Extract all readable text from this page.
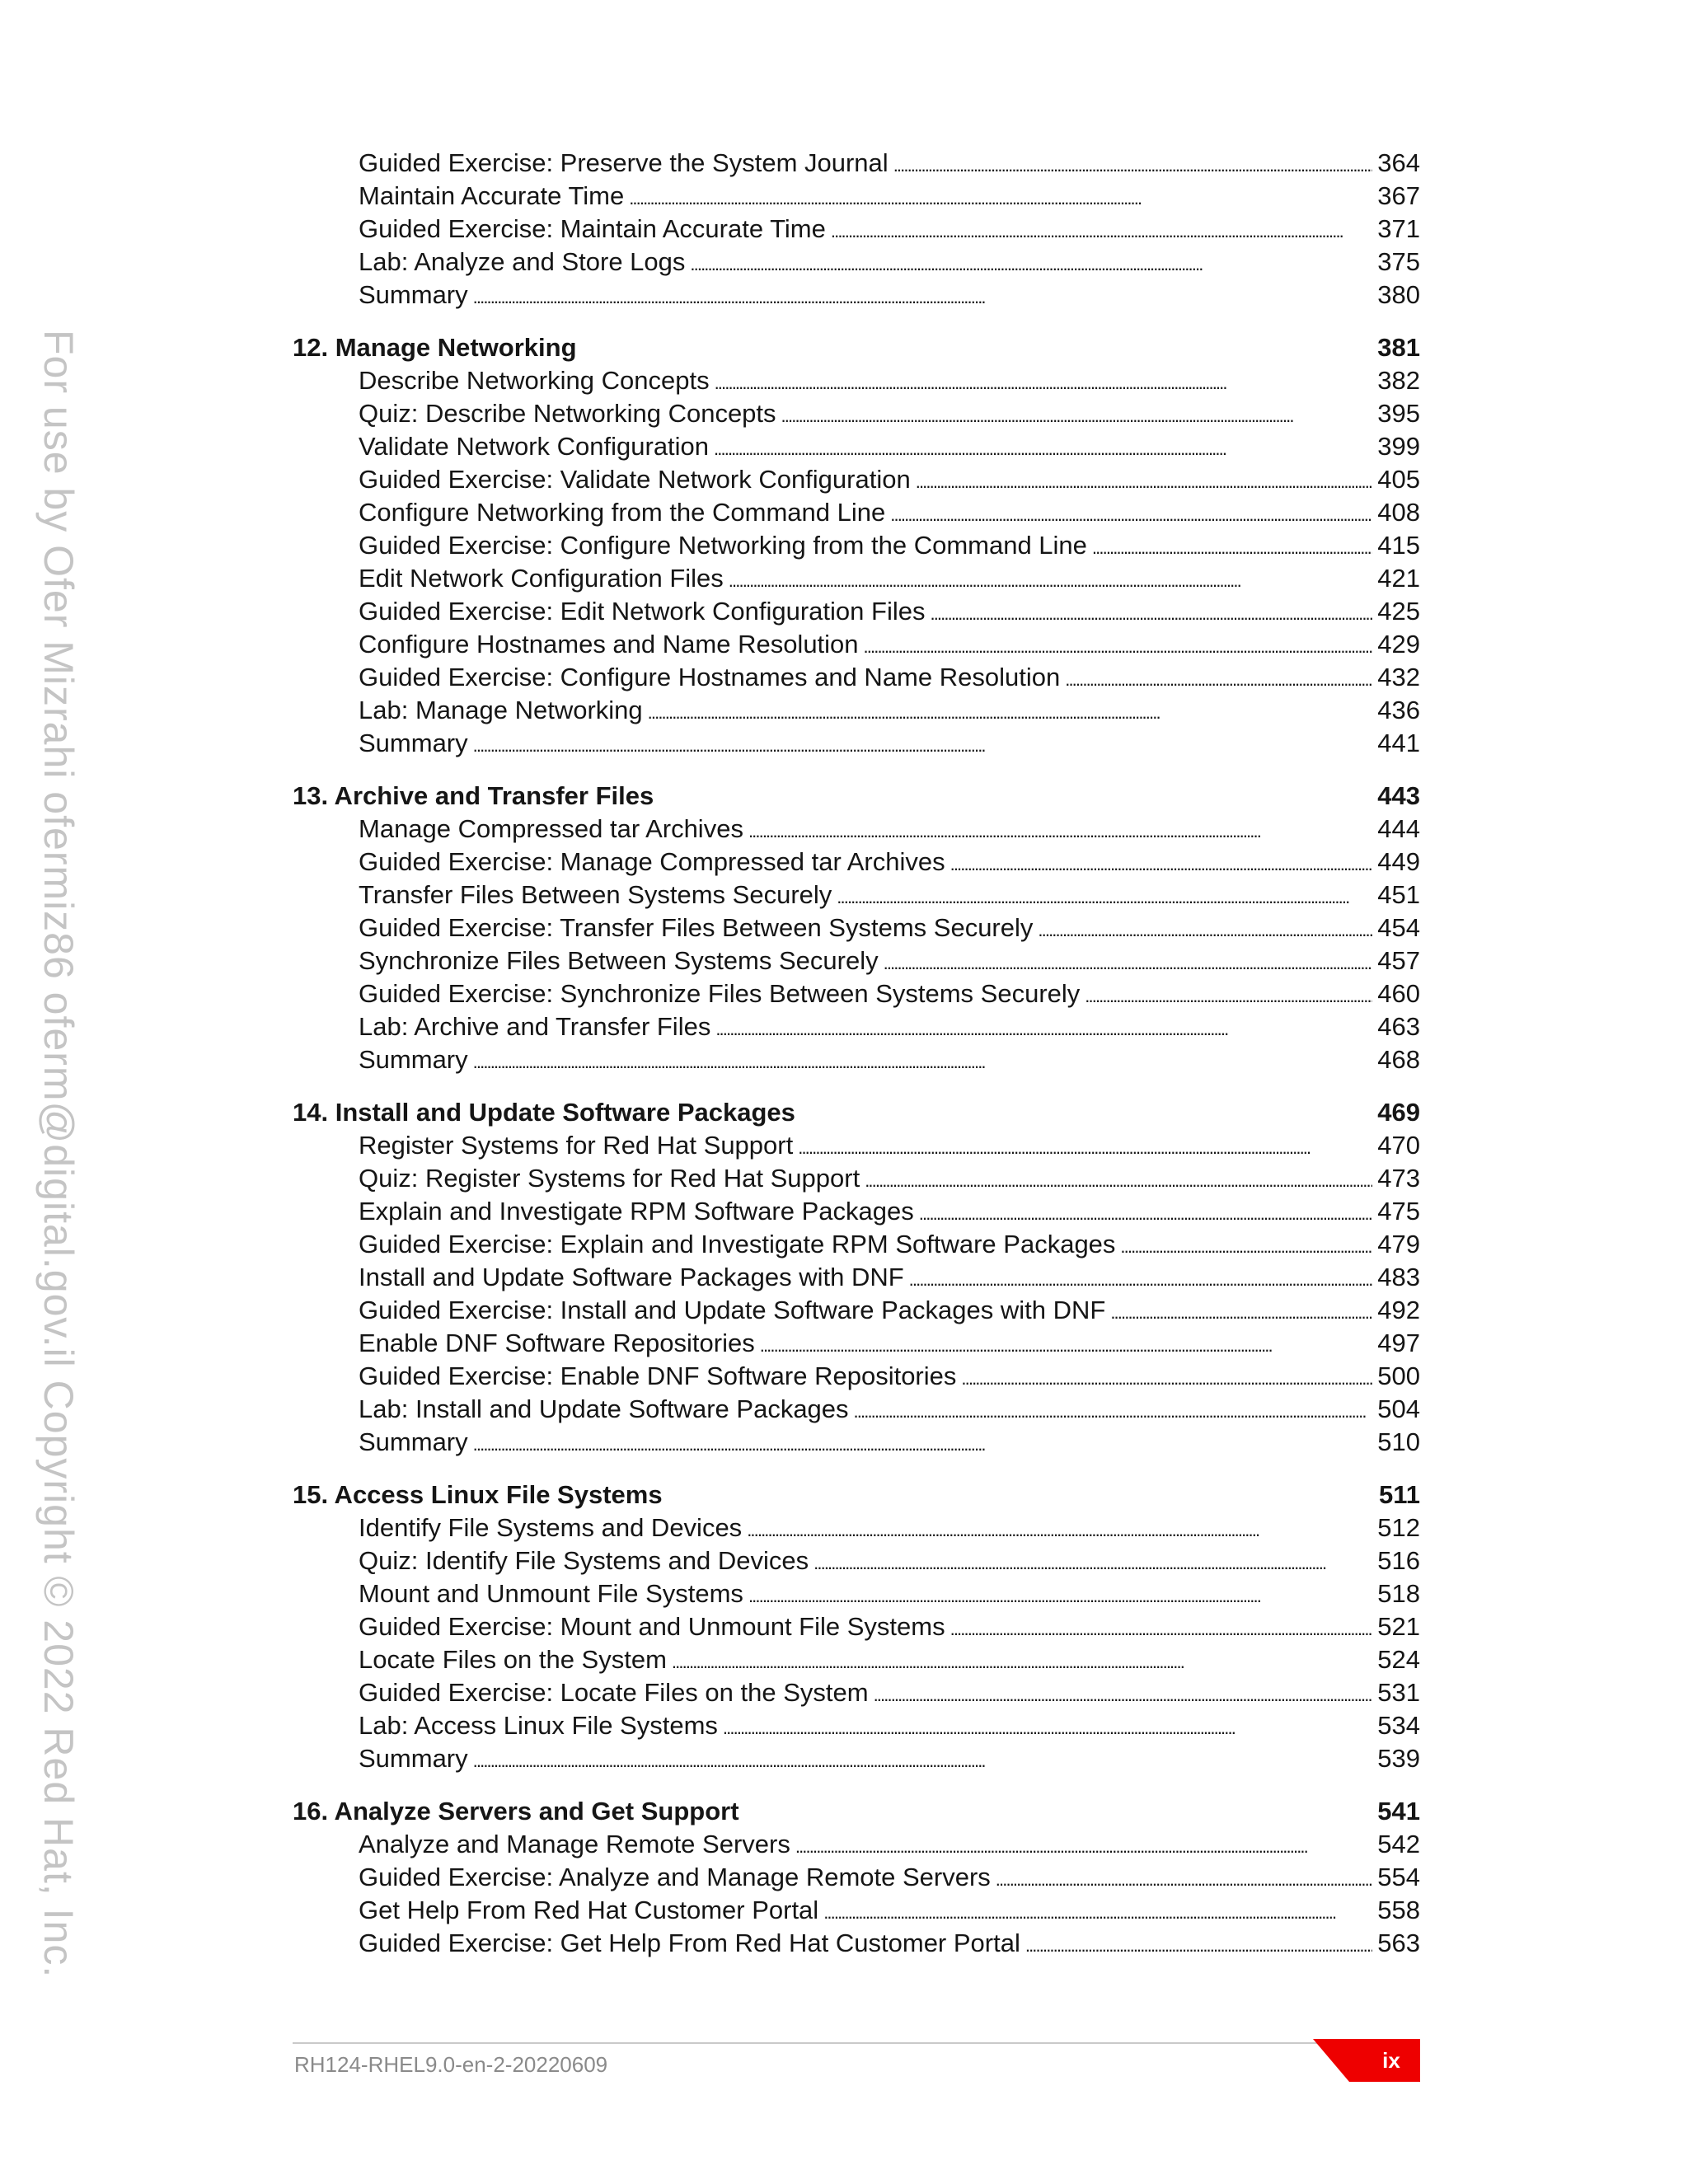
For use by Ofer Mizrahi ofermiz86 oferm@digital.gov.il Copyright © 2022 Red Hat, Inc.
Guided Exercise: Preserve the System Journal . . .	364
Maintain Accurate Time . . .	367
Guided Exercise: Maintain Accurate Time . . .	371
Lab: Analyze and Store Logs . . .	375
Summary . . .	380
12. Manage Networking	381
Describe Networking Concepts . . .	382
Quiz: Describe Networking Concepts . . .	395
Validate Network Configuration . . .	399
Guided Exercise: Validate Network Configuration . . .	405
Configure Networking from the Command Line . . .	408
Guided Exercise: Configure Networking from the Command Line . . .	415
Edit Network Configuration Files . . .	421
Guided Exercise: Edit Network Configuration Files . . .	425
Configure Hostnames and Name Resolution . . .	429
Guided Exercise: Configure Hostnames and Name Resolution . . .	432
Lab: Manage Networking . . .	436
Summary . . .	441
13. Archive and Transfer Files	443
Manage Compressed tar Archives . . .	444
Guided Exercise: Manage Compressed tar Archives . . .	449
Transfer Files Between Systems Securely . . .	451
Guided Exercise: Transfer Files Between Systems Securely . . .	454
Synchronize Files Between Systems Securely . . .	457
Guided Exercise: Synchronize Files Between Systems Securely . . .	460
Lab: Archive and Transfer Files . . .	463
Summary . . .	468
14. Install and Update Software Packages	469
Register Systems for Red Hat Support . . .	470
Quiz: Register Systems for Red Hat Support . . .	473
Explain and Investigate RPM Software Packages . . .	475
Guided Exercise: Explain and Investigate RPM Software Packages . . .	479
Install and Update Software Packages with DNF . . .	483
Guided Exercise: Install and Update Software Packages with DNF . . .	492
Enable DNF Software Repositories . . .	497
Guided Exercise: Enable DNF Software Repositories . . .	500
Lab: Install and Update Software Packages . . .	504
Summary . . .	510
15. Access Linux File Systems	511
Identify File Systems and Devices . . .	512
Quiz: Identify File Systems and Devices . . .	516
Mount and Unmount File Systems . . .	518
Guided Exercise: Mount and Unmount File Systems . . .	521
Locate Files on the System . . .	524
Guided Exercise: Locate Files on the System . . .	531
Lab: Access Linux File Systems . . .	534
Summary . . .	539
16. Analyze Servers and Get Support	541
Analyze and Manage Remote Servers . . .	542
Guided Exercise: Analyze and Manage Remote Servers . . .	554
Get Help From Red Hat Customer Portal . . .	558
Guided Exercise: Get Help From Red Hat Customer Portal . . .	563
RH124-RHEL9.0-en-2-20220609	ix
